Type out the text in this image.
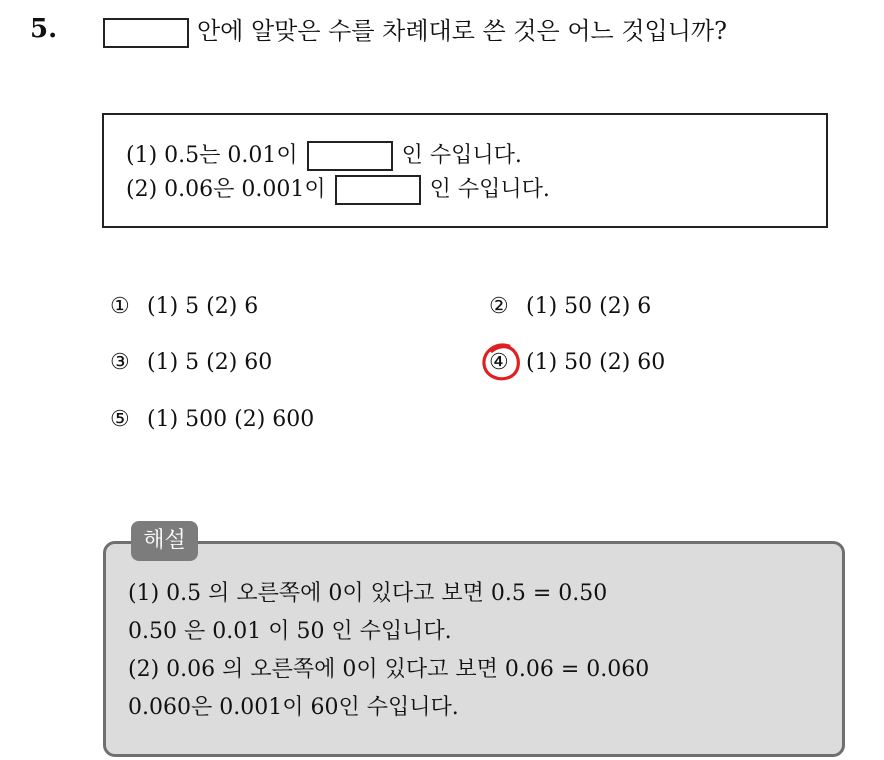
5.	안에 알맞은 수를 차례대로 쓴 것은 어느 것입니까?
(1) 0.5는 0.01이	인 수입니다.
(2) 0.06은 0.001이	인 수입니다.
① (1) 5 (2) 6	② (1) 50 (2) 6
③ (1) 5 (2) 60	④ (1) 50 (2) 60
⑤ (1) 500 (2) 600
(1) 0.5 의 오른쪽에 0이 있다고 보면 0.5 = 0.50
0.50 은 0.01 이 50 인 수입니다.
(2) 0.06 의 오른쪽에 0이 있다고 보면 0.06 = 0.060
0.060은 0.001이 60인 수입니다.
해설
